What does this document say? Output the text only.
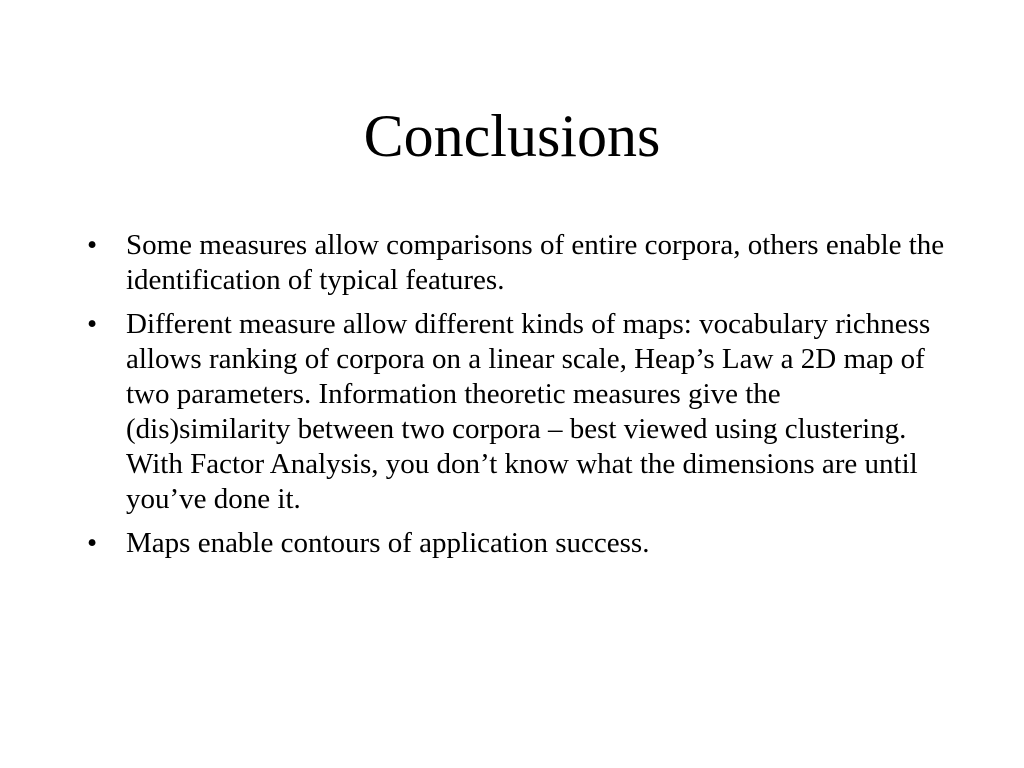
Conclusions
• Some measures allow comparisons of entire corpora, others enable the identification of typical features.
• Different measure allow different kinds of maps: vocabulary richness allows ranking of corpora on a linear scale, Heap’s Law a 2D map of two parameters. Information theoretic measures give the (dis)similarity between two corpora – best viewed using clustering. With Factor Analysis, you don’t know what the dimensions are until you’ve done it.
• Maps enable contours of application success.
